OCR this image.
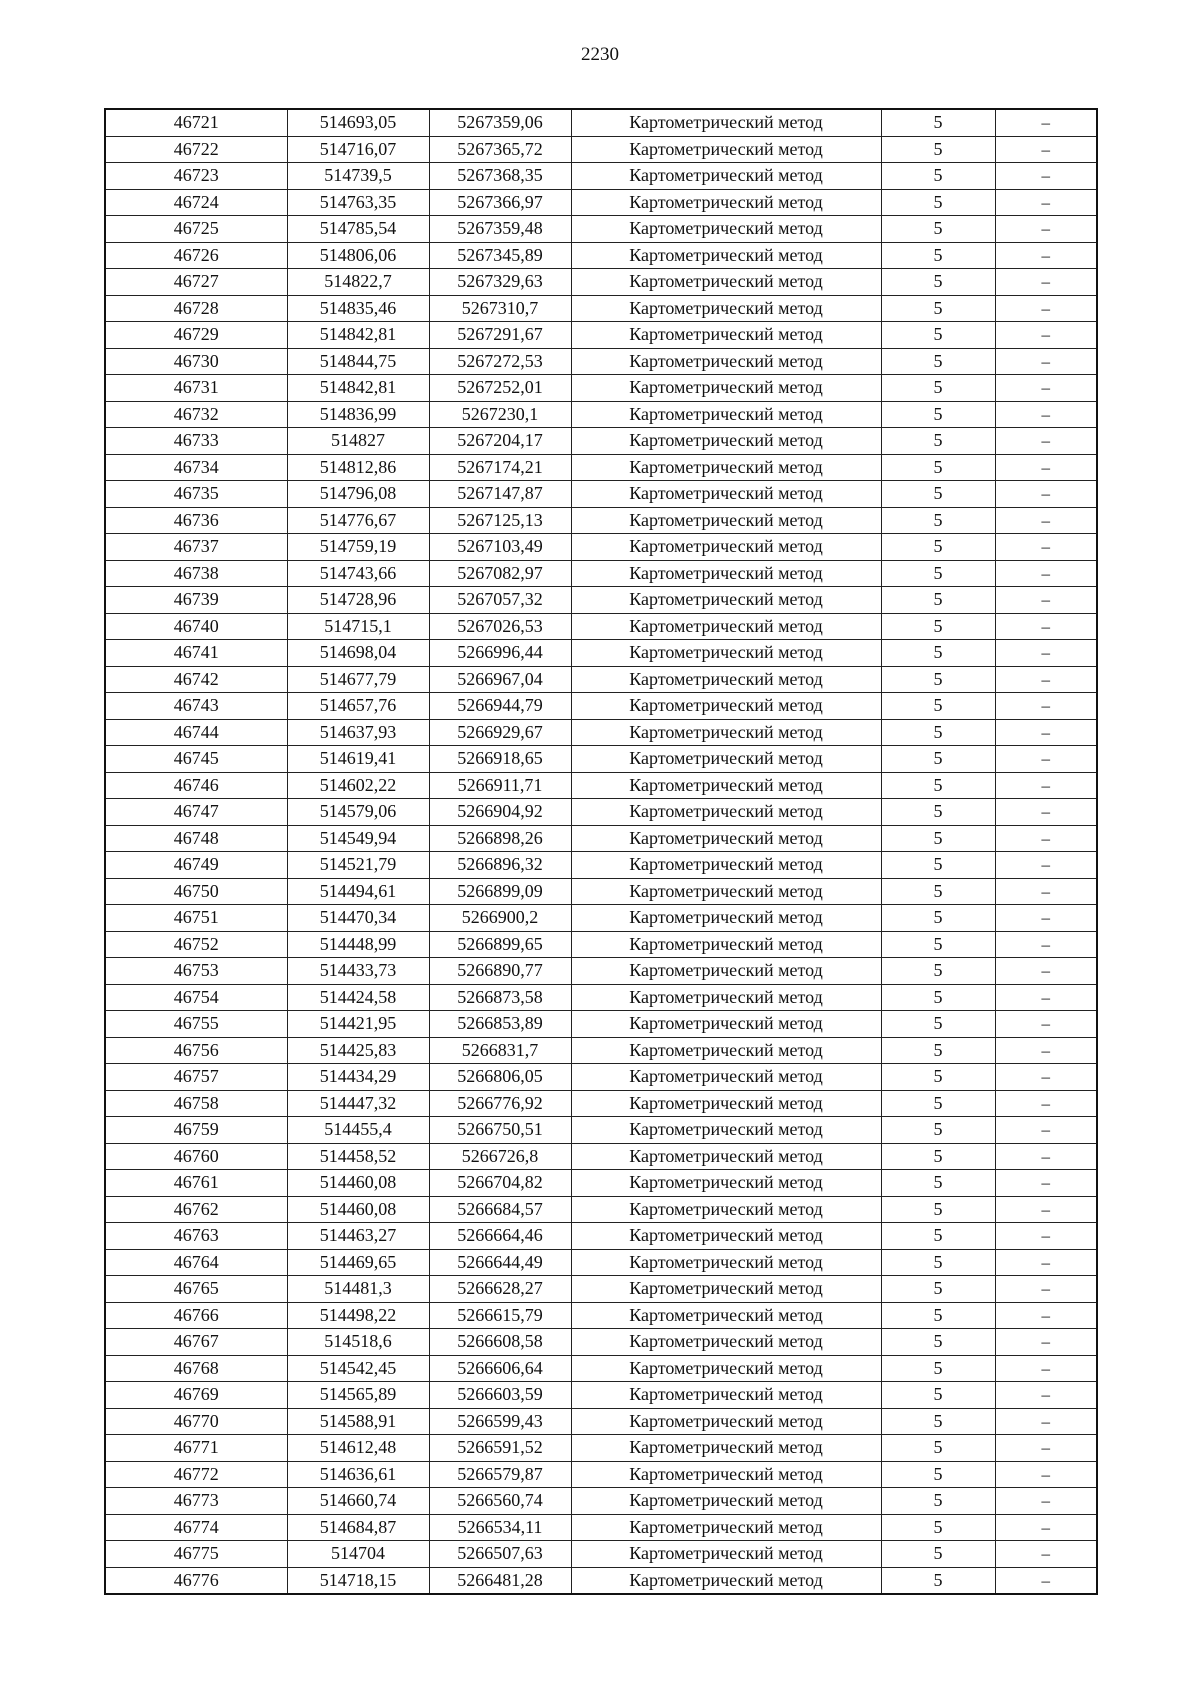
2230
46721	514693,05	5267359,06	Картометрический метод	5	–
46722	514716,07	5267365,72	Картометрический метод	5	–
46723	514739,5	5267368,35	Картометрический метод	5	–
46724	514763,35	5267366,97	Картометрический метод	5	–
46725	514785,54	5267359,48	Картометрический метод	5	–
46726	514806,06	5267345,89	Картометрический метод	5	–
46727	514822,7	5267329,63	Картометрический метод	5	–
46728	514835,46	5267310,7	Картометрический метод	5	–
46729	514842,81	5267291,67	Картометрический метод	5	–
46730	514844,75	5267272,53	Картометрический метод	5	–
46731	514842,81	5267252,01	Картометрический метод	5	–
46732	514836,99	5267230,1	Картометрический метод	5	–
46733	514827	5267204,17	Картометрический метод	5	–
46734	514812,86	5267174,21	Картометрический метод	5	–
46735	514796,08	5267147,87	Картометрический метод	5	–
46736	514776,67	5267125,13	Картометрический метод	5	–
46737	514759,19	5267103,49	Картометрический метод	5	–
46738	514743,66	5267082,97	Картометрический метод	5	–
46739	514728,96	5267057,32	Картометрический метод	5	–
46740	514715,1	5267026,53	Картометрический метод	5	–
46741	514698,04	5266996,44	Картометрический метод	5	–
46742	514677,79	5266967,04	Картометрический метод	5	–
46743	514657,76	5266944,79	Картометрический метод	5	–
46744	514637,93	5266929,67	Картометрический метод	5	–
46745	514619,41	5266918,65	Картометрический метод	5	–
46746	514602,22	5266911,71	Картометрический метод	5	–
46747	514579,06	5266904,92	Картометрический метод	5	–
46748	514549,94	5266898,26	Картометрический метод	5	–
46749	514521,79	5266896,32	Картометрический метод	5	–
46750	514494,61	5266899,09	Картометрический метод	5	–
46751	514470,34	5266900,2	Картометрический метод	5	–
46752	514448,99	5266899,65	Картометрический метод	5	–
46753	514433,73	5266890,77	Картометрический метод	5	–
46754	514424,58	5266873,58	Картометрический метод	5	–
46755	514421,95	5266853,89	Картометрический метод	5	–
46756	514425,83	5266831,7	Картометрический метод	5	–
46757	514434,29	5266806,05	Картометрический метод	5	–
46758	514447,32	5266776,92	Картометрический метод	5	–
46759	514455,4	5266750,51	Картометрический метод	5	–
46760	514458,52	5266726,8	Картометрический метод	5	–
46761	514460,08	5266704,82	Картометрический метод	5	–
46762	514460,08	5266684,57	Картометрический метод	5	–
46763	514463,27	5266664,46	Картометрический метод	5	–
46764	514469,65	5266644,49	Картометрический метод	5	–
46765	514481,3	5266628,27	Картометрический метод	5	–
46766	514498,22	5266615,79	Картометрический метод	5	–
46767	514518,6	5266608,58	Картометрический метод	5	–
46768	514542,45	5266606,64	Картометрический метод	5	–
46769	514565,89	5266603,59	Картометрический метод	5	–
46770	514588,91	5266599,43	Картометрический метод	5	–
46771	514612,48	5266591,52	Картометрический метод	5	–
46772	514636,61	5266579,87	Картометрический метод	5	–
46773	514660,74	5266560,74	Картометрический метод	5	–
46774	514684,87	5266534,11	Картометрический метод	5	–
46775	514704	5266507,63	Картометрический метод	5	–
46776	514718,15	5266481,28	Картометрический метод	5	–
